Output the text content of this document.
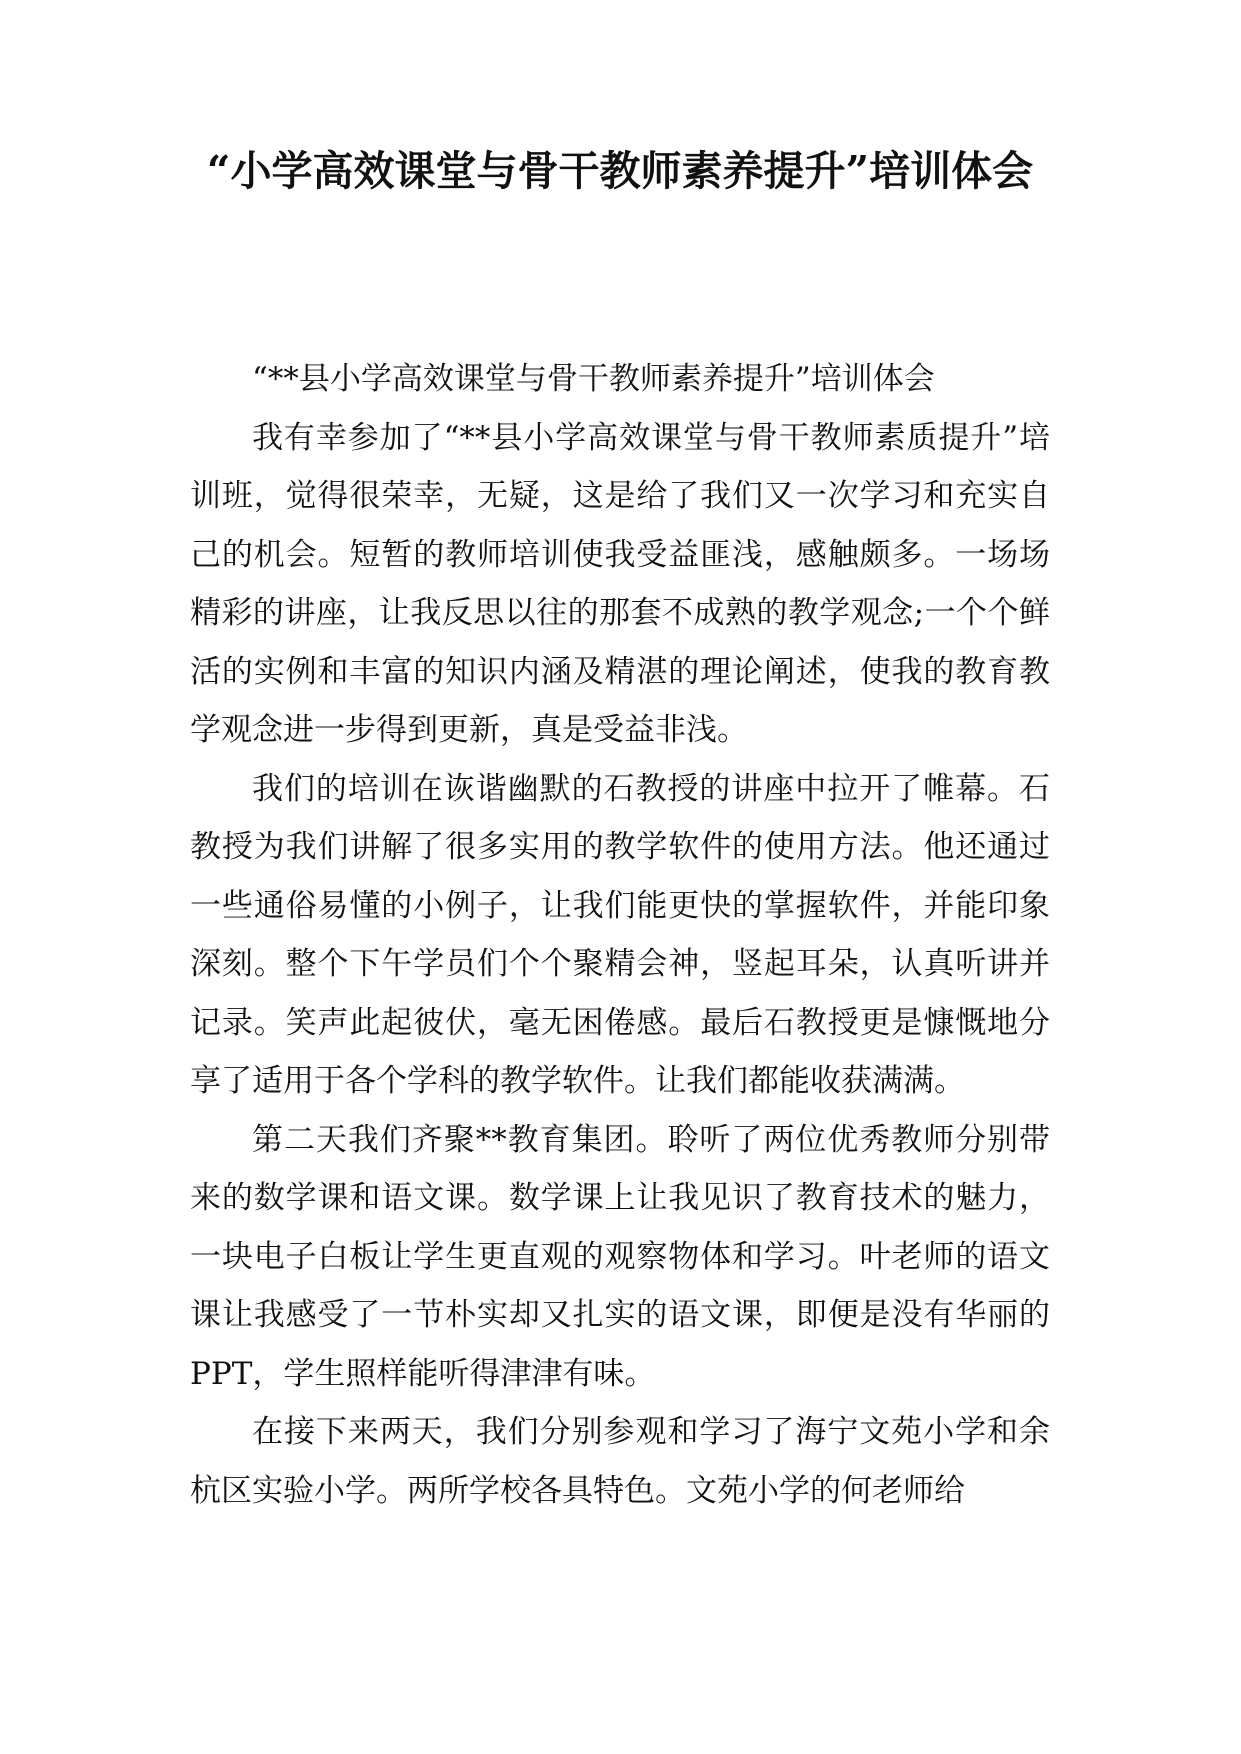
“小学高效课堂与骨干教师素养提升”培训体会

“**县小学高效课堂与骨干教师素养提升”培训体会

我有幸参加了“**县小学高效课堂与骨干教师素质提升”培训班，觉得很荣幸，无疑，这是给了我们又一次学习和充实自己的机会。短暂的教师培训使我受益匪浅，感触颇多。一场场精彩的讲座，让我反思以往的那套不成熟的教学观念;一个个鲜活的实例和丰富的知识内涵及精湛的理论阐述，使我的教育教学观念进一步得到更新，真是受益非浅。

我们的培训在诙谐幽默的石教授的讲座中拉开了帷幕。石教授为我们讲解了很多实用的教学软件的使用方法。他还通过一些通俗易懂的小例子，让我们能更快的掌握软件，并能印象深刻。整个下午学员们个个聚精会神，竖起耳朵，认真听讲并记录。笑声此起彼伏，毫无困倦感。最后石教授更是慷慨地分享了适用于各个学科的教学软件。让我们都能收获满满。

第二天我们齐聚**教育集团。聆听了两位优秀教师分别带来的数学课和语文课。数学课上让我见识了教育技术的魅力，一块电子白板让学生更直观的观察物体和学习。叶老师的语文课让我感受了一节朴实却又扎实的语文课，即便是没有华丽的PPT，学生照样能听得津津有味。

在接下来两天，我们分别参观和学习了海宁文苑小学和余杭区实验小学。两所学校各具特色。文苑小学的何老师给
